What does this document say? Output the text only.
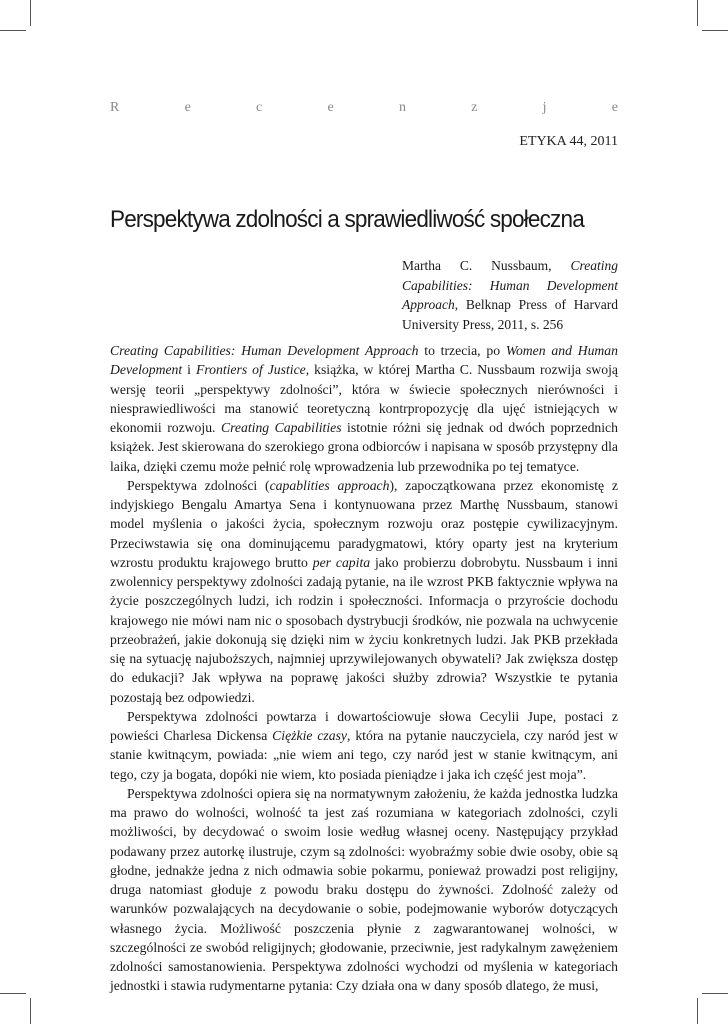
R	e	c	e	n	z	j	e
ETYKA 44, 2011
Perspektywa zdolności a sprawiedliwość społeczna
Martha C. Nussbaum, Creating Capabilities: Human Development Approach, Belknap Press of Harvard University Press, 2011, s. 256

Creating Capabilities: Human Development Approach to trzecia, po Women and Human Development i Frontiers of Justice, książka, w której Martha C. Nussbaum rozwija swoją wersję teorii „perspektywy zdolności”, która w świecie społecznych nierówności i niesprawiedliwości ma stanowić teoretyczną kontrpropozycję dla ujęć istniejących w ekonomii rozwoju. Creating Capabilities istotnie różni się jednak od dwóch poprzednich książek. Jest skierowana do szerokiego grona odbiorców i napisana w sposób przystępny dla laika, dzięki czemu może pełnić rolę wprowadzenia lub przewodnika po tej tematyce.

Perspektywa zdolności (capablities approach), zapoczątkowana przez ekonomistę z indyjskiego Bengalu Amartya Sena i kontynuowana przez Marthę Nussbaum, stanowi model myślenia o jakości życia, społecznym rozwoju oraz postępie cywilizacyjnym. Przeciwstawia się ona dominującemu paradygmatowi, który oparty jest na kryterium wzrostu produktu krajowego brutto per capita jako probierzu dobrobytu. Nussbaum i inni zwolennicy perspektywy zdolności zadają pytanie, na ile wzrost PKB faktycznie wpływa na życie poszczególnych ludzi, ich rodzin i społeczności. Informacja o przyroście dochodu krajowego nie mówi nam nic o sposobach dystrybucji środków, nie pozwala na uchwycenie przeobrażeń, jakie dokonują się dzięki nim w życiu konkretnych ludzi. Jak PKB przekłada się na sytuację najuboższych, najmniej uprzywilejowanych obywateli? Jak zwiększa dostęp do edukacji? Jak wpływa na poprawę jakości służby zdrowia? Wszystkie te pytania pozostają bez odpowiedzi.

Perspektywa zdolności powtarza i dowartościowuje słowa Cecylii Jupe, postaci z powieści Charlesa Dickensa Ciężkie czasy, która na pytanie nauczyciela, czy naród jest w stanie kwitnącym, powiada: „nie wiem ani tego, czy naród jest w stanie kwitnącym, ani tego, czy ja bogata, dopóki nie wiem, kto posiada pieniądze i jaka ich część jest moja”.

Perspektywa zdolności opiera się na normatywnym założeniu, że każda jednostka ludzka ma prawo do wolności, wolność ta jest zaś rozumiana w kategoriach zdolności, czyli możliwości, by decydować o swoim losie według własnej oceny. Następujący przykład podawany przez autorkę ilustruje, czym są zdolności: wyobraźmy sobie dwie osoby, obie są głodne, jednakże jedna z nich odmawia sobie pokarmu, ponieważ prowadzi post religijny, druga natomiast głoduje z powodu braku dostępu do żywności. Zdolność zależy od warunków pozwalających na decydowanie o sobie, podejmowanie wyborów dotyczących własnego życia. Możliwość poszczenia płynie z zagwarantowanej wolności, w szczególności ze swobód religijnych; głodowanie, przeciwnie, jest radykalnym zawężeniem zdolności samostanowienia. Perspektywa zdolności wychodzi od myślenia w kategoriach jednostki i stawia rudymentarne pytania: Czy działa ona w dany sposób dlatego, że musi,
